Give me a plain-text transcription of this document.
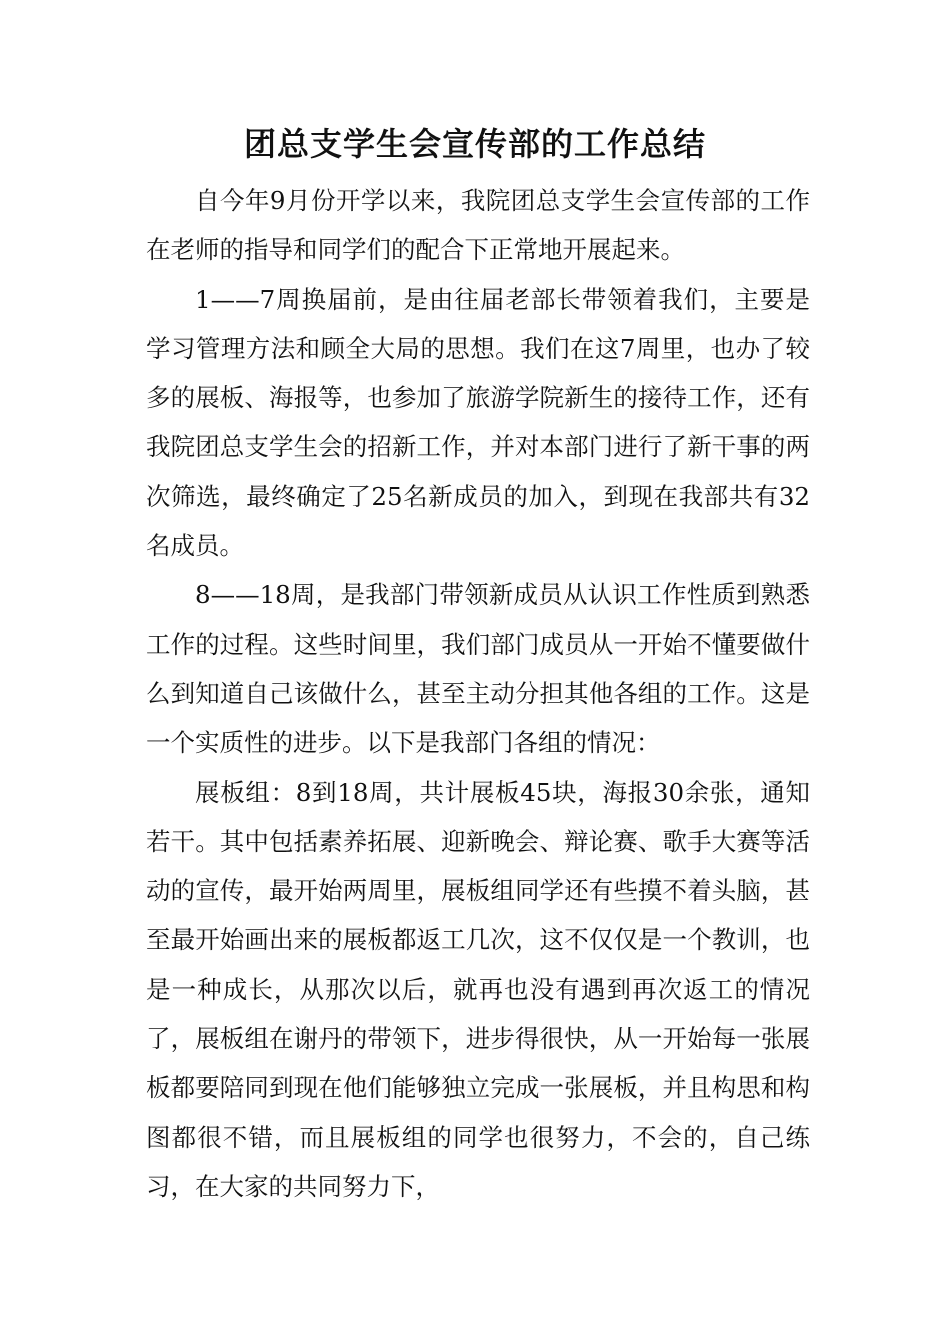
团总支学生会宣传部的工作总结

自今年9月份开学以来，我院团总支学生会宣传部的工作在老师的指导和同学们的配合下正常地开展起来。

1——7周换届前，是由往届老部长带领着我们，主要是学习管理方法和顾全大局的思想。我们在这7周里，也办了较多的展板、海报等，也参加了旅游学院新生的接待工作，还有我院团总支学生会的招新工作，并对本部门进行了新干事的两次筛选，最终确定了25名新成员的加入，到现在我部共有32名成员。

8——18周，是我部门带领新成员从认识工作性质到熟悉工作的过程。这些时间里，我们部门成员从一开始不懂要做什么到知道自己该做什么，甚至主动分担其他各组的工作。这是一个实质性的进步。以下是我部门各组的情况：

展板组：8到18周，共计展板45块，海报30余张，通知若干。其中包括素养拓展、迎新晚会、辩论赛、歌手大赛等活动的宣传，最开始两周里，展板组同学还有些摸不着头脑，甚至最开始画出来的展板都返工几次，这不仅仅是一个教训，也是一种成长，从那次以后，就再也没有遇到再次返工的情况了，展板组在谢丹的带领下，进步得很快，从一开始每一张展板都要陪同到现在他们能够独立完成一张展板，并且构思和构图都很不错，而且展板组的同学也很努力，不会的，自己练习，在大家的共同努力下，
